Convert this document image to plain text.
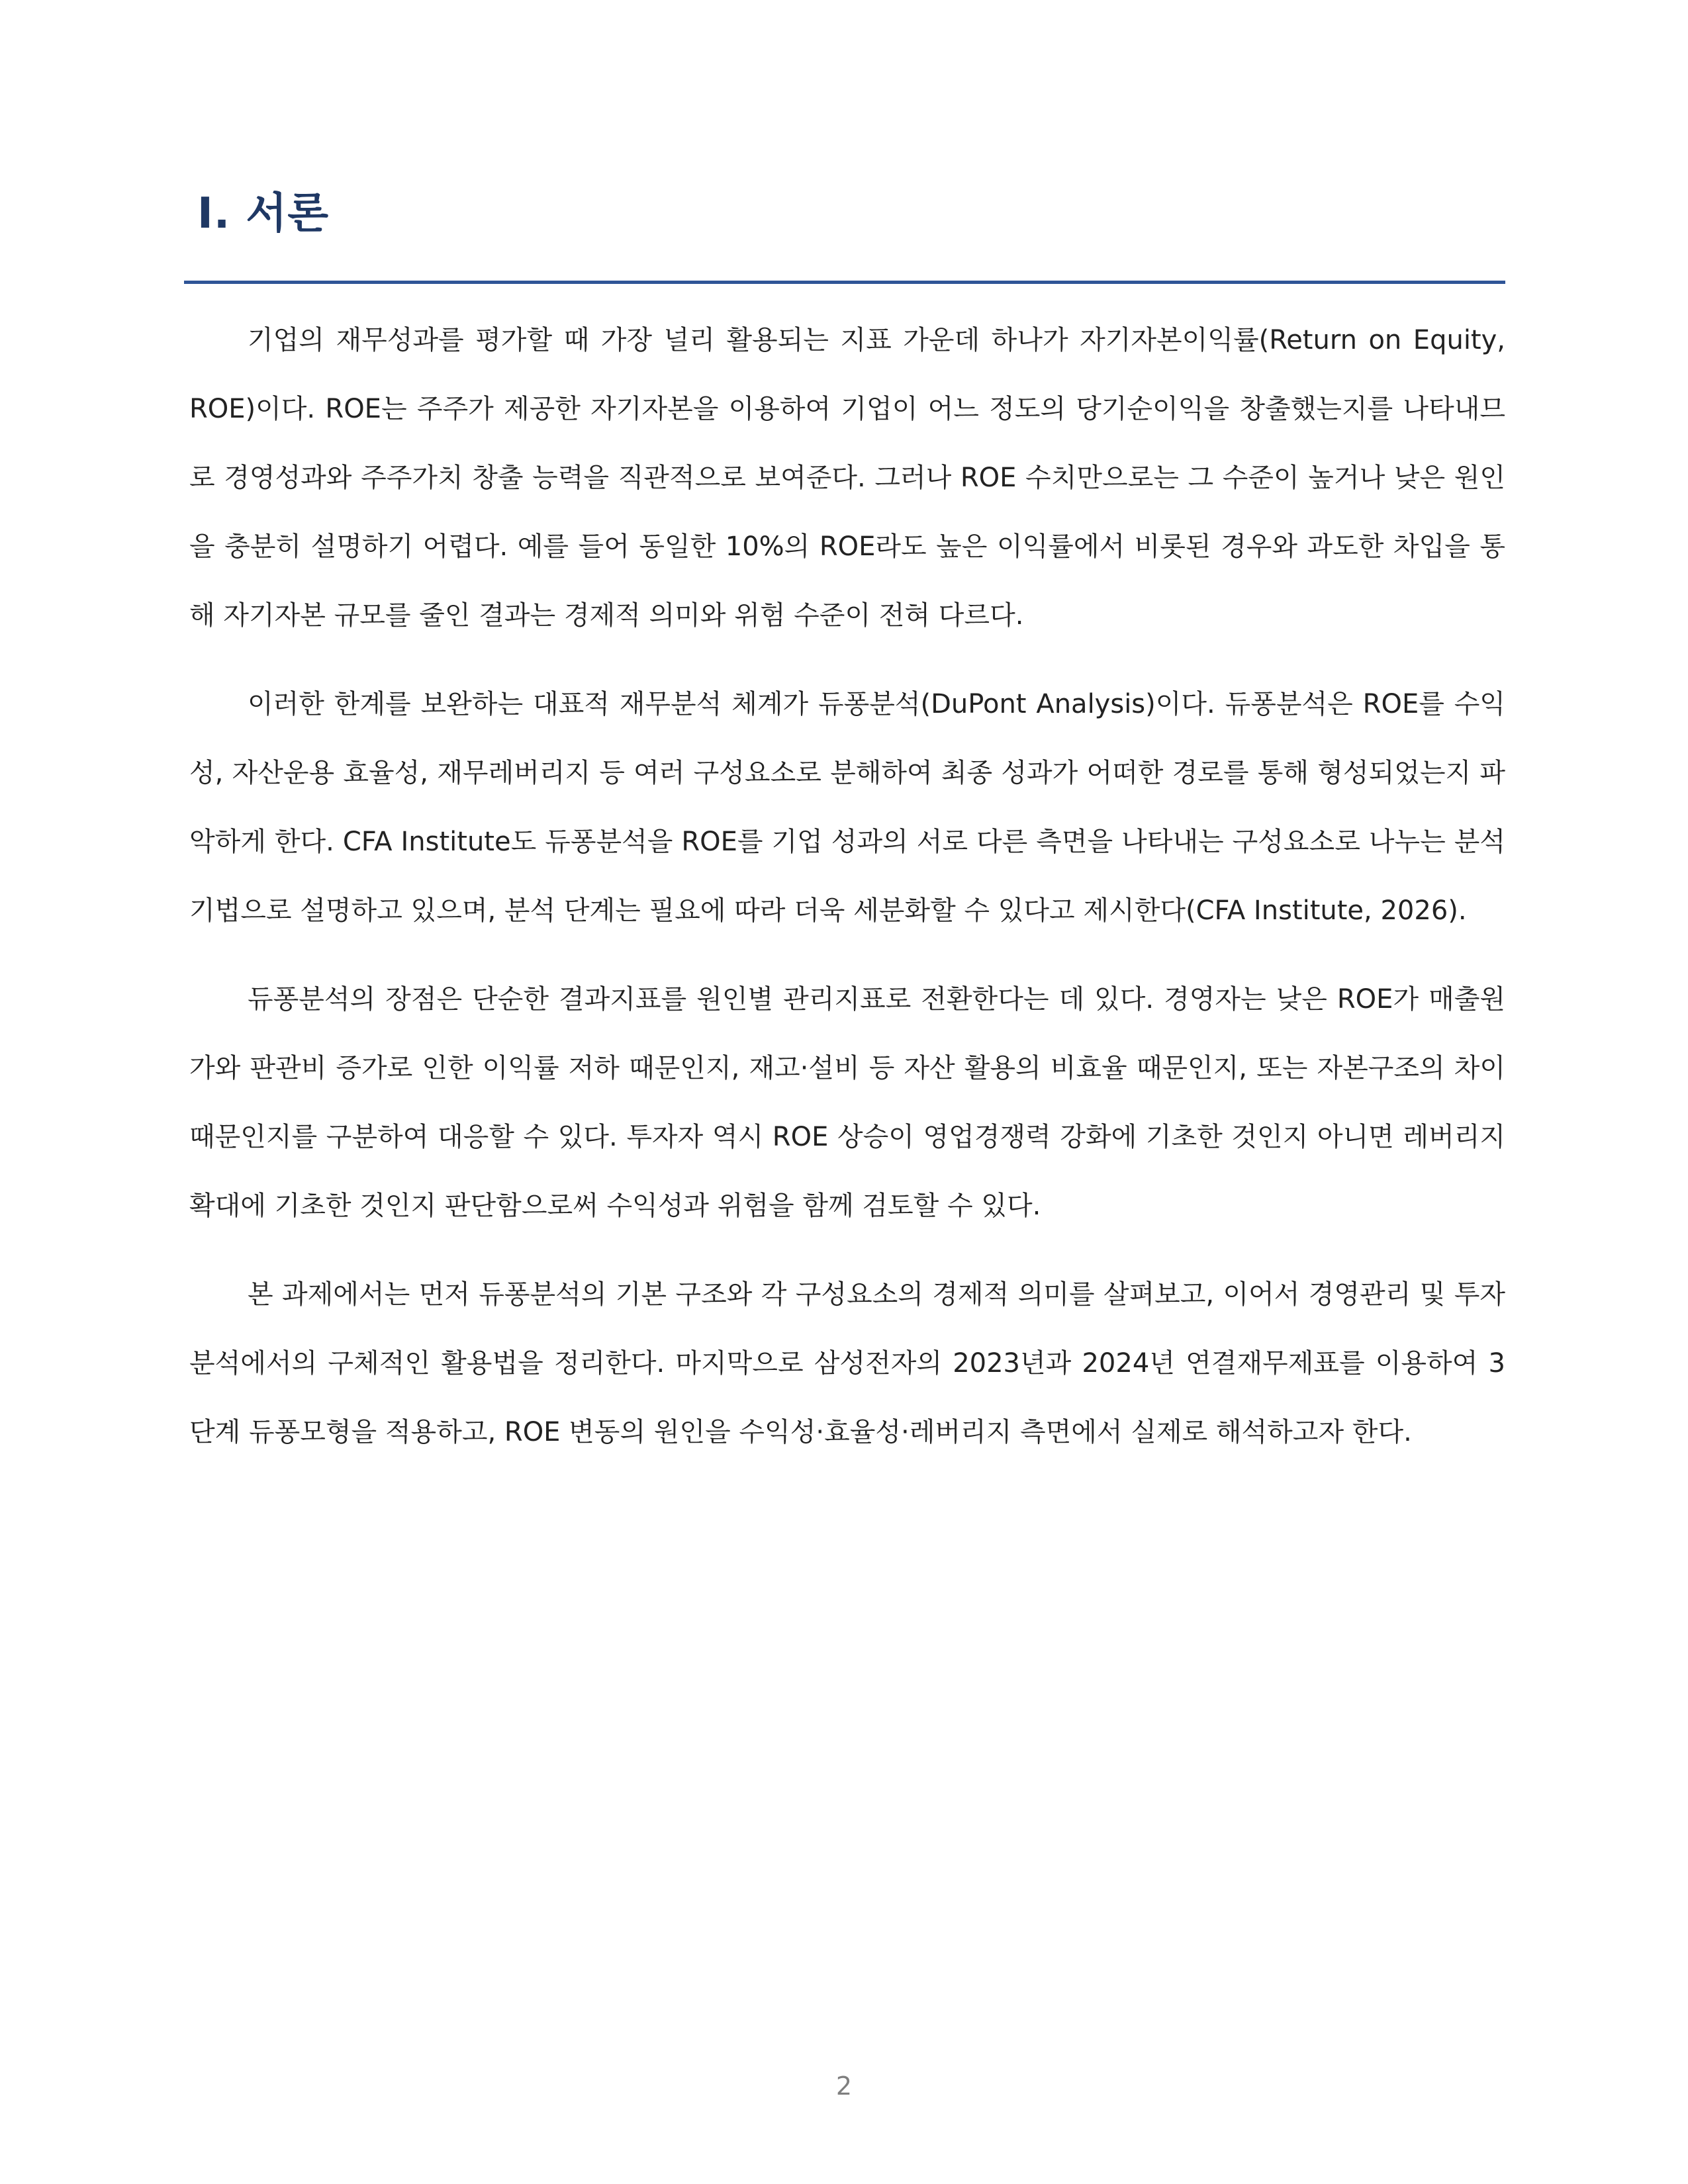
Ⅰ. 서론

기업의 재무성과를 평가할 때 가장 널리 활용되는 지표 가운데 하나가 자기자본이익률(Return on Equity, ROE)이다. ROE는 주주가 제공한 자기자본을 이용하여 기업이 어느 정도의 당기순이익을 창출했는지를 나타내므로 경영성과와 주주가치 창출 능력을 직관적으로 보여준다. 그러나 ROE 수치만으로는 그 수준이 높거나 낮은 원인을 충분히 설명하기 어렵다. 예를 들어 동일한 10%의 ROE라도 높은 이익률에서 비롯된 경우와 과도한 차입을 통해 자기자본 규모를 줄인 결과는 경제적 의미와 위험 수준이 전혀 다르다.

이러한 한계를 보완하는 대표적 재무분석 체계가 듀퐁분석(DuPont Analysis)이다. 듀퐁분석은 ROE를 수익성, 자산운용 효율성, 재무레버리지 등 여러 구성요소로 분해하여 최종 성과가 어떠한 경로를 통해 형성되었는지 파악하게 한다. CFA Institute도 듀퐁분석을 ROE를 기업 성과의 서로 다른 측면을 나타내는 구성요소로 나누는 분석기법으로 설명하고 있으며, 분석 단계는 필요에 따라 더욱 세분화할 수 있다고 제시한다(CFA Institute, 2026).

듀퐁분석의 장점은 단순한 결과지표를 원인별 관리지표로 전환한다는 데 있다. 경영자는 낮은 ROE가 매출원가와 판관비 증가로 인한 이익률 저하 때문인지, 재고·설비 등 자산 활용의 비효율 때문인지, 또는 자본구조의 차이 때문인지를 구분하여 대응할 수 있다. 투자자 역시 ROE 상승이 영업경쟁력 강화에 기초한 것인지 아니면 레버리지 확대에 기초한 것인지 판단함으로써 수익성과 위험을 함께 검토할 수 있다.

본 과제에서는 먼저 듀퐁분석의 기본 구조와 각 구성요소의 경제적 의미를 살펴보고, 이어서 경영관리 및 투자분석에서의 구체적인 활용법을 정리한다. 마지막으로 삼성전자의 2023년과 2024년 연결재무제표를 이용하여 3단계 듀퐁모형을 적용하고, ROE 변동의 원인을 수익성·효율성·레버리지 측면에서 실제로 해석하고자 한다.

2
